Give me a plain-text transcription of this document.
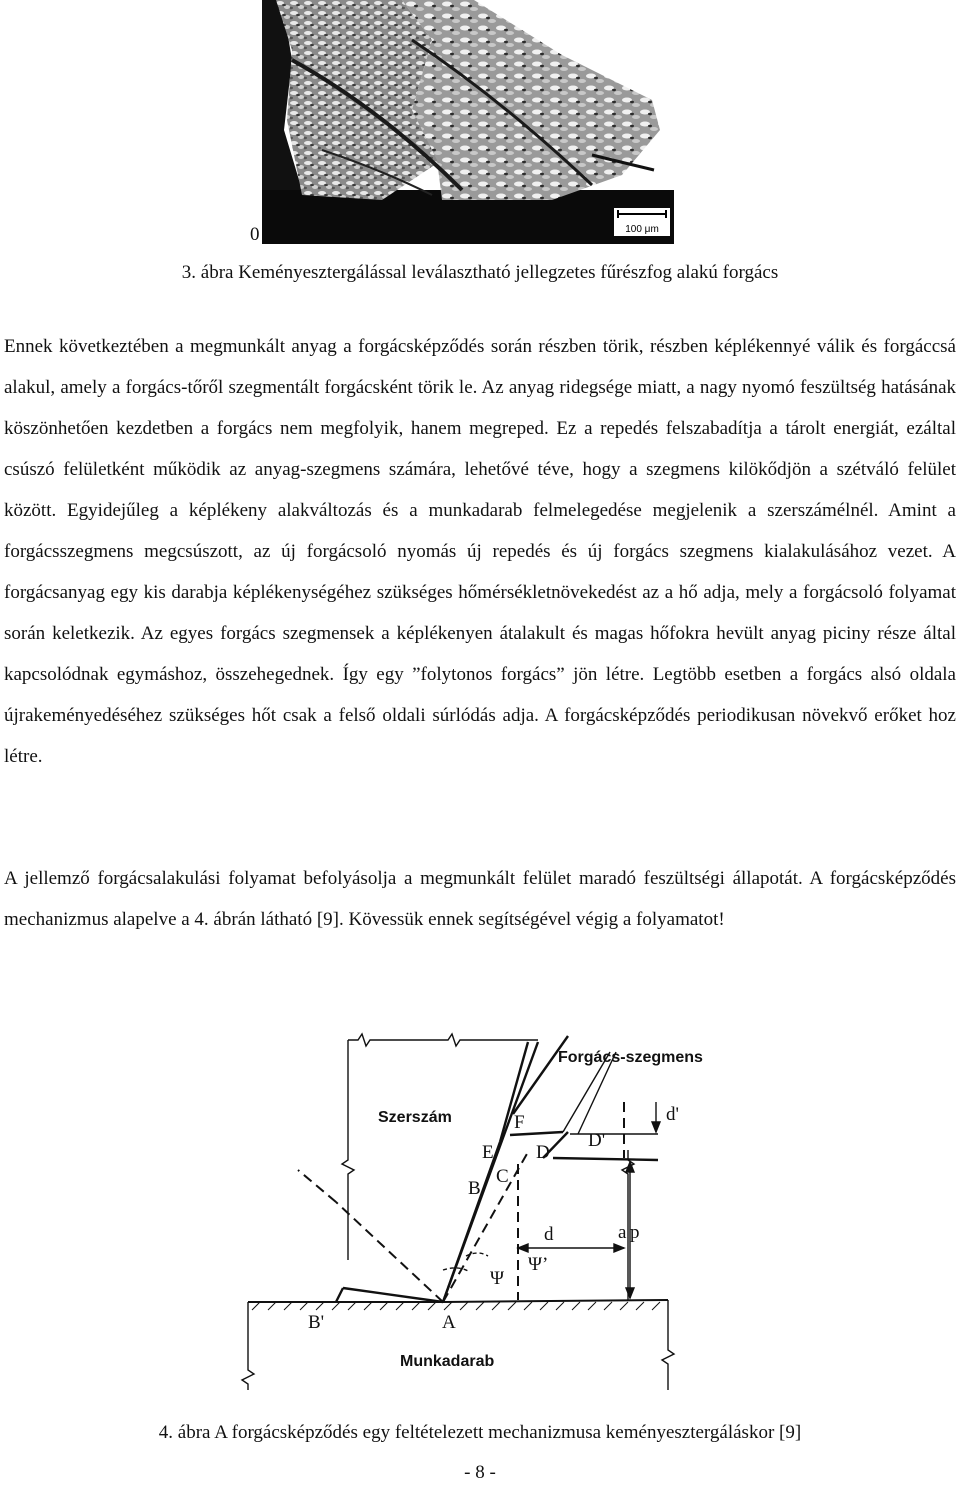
100 μm
0
3. ábra Keményesztergálással leválasztható jellegzetes fűrészfog alakú forgács

Ennek következtében a megmunkált anyag a forgácsképződés során részben törik, részben képlékennyé válik és forgáccsá alakul, amely a forgács-tőről szegmentált forgácsként törik le. Az anyag ridegsége miatt, a nagy nyomó feszültség hatásának köszönhetően kezdetben a forgács nem megfolyik, hanem megreped. Ez a repedés felszabadítja a tárolt energiát, ezáltal csúszó felületként működik az anyag-szegmens számára, lehetővé téve, hogy a szegmens kilökődjön a szétváló felület között. Egyidejűleg a képlékeny alakváltozás és a munkadarab felmelegedése megjelenik a szerszámélnél. Amint a forgácsszegmens megcsúszott, az új forgácsoló nyomás új repedés és új forgács szegmens kialakulásához vezet. A forgácsanyag egy kis darabja képlékenységéhez szükséges hőmérsékletnövekedést az a hő adja, mely a forgácsoló folyamat során keletkezik. Az egyes forgács szegmensek a képlékenyen átalakult és magas hőfokra hevült anyag piciny része által kapcsolódnak egymáshoz, összehegednek. Így egy ”folytonos forgács” jön létre. Legtöbb esetben a forgács alsó oldala újrakeményedéséhez szükséges hőt csak a felső oldali súrlódás adja. A forgácsképződés periodikusan növekvő erőket hoz létre.

A jellemző forgácsalakulási folyamat befolyásolja a megmunkált felület maradó feszültségi állapotát. A forgácsképződés mechanizmus alapelve a 4. ábrán látható [9]. Kövessük ennek segítségével végig a folyamatot!

Forgács-szegmens
Szerszám
Munkadarab
F
E D
D'
C
B
B'	A
d
d'
a p
Ψ
Ψ’
4. ábra A forgácsképződés egy feltételezett mechanizmusa keményesztergáláskor [9]
- 8 -
